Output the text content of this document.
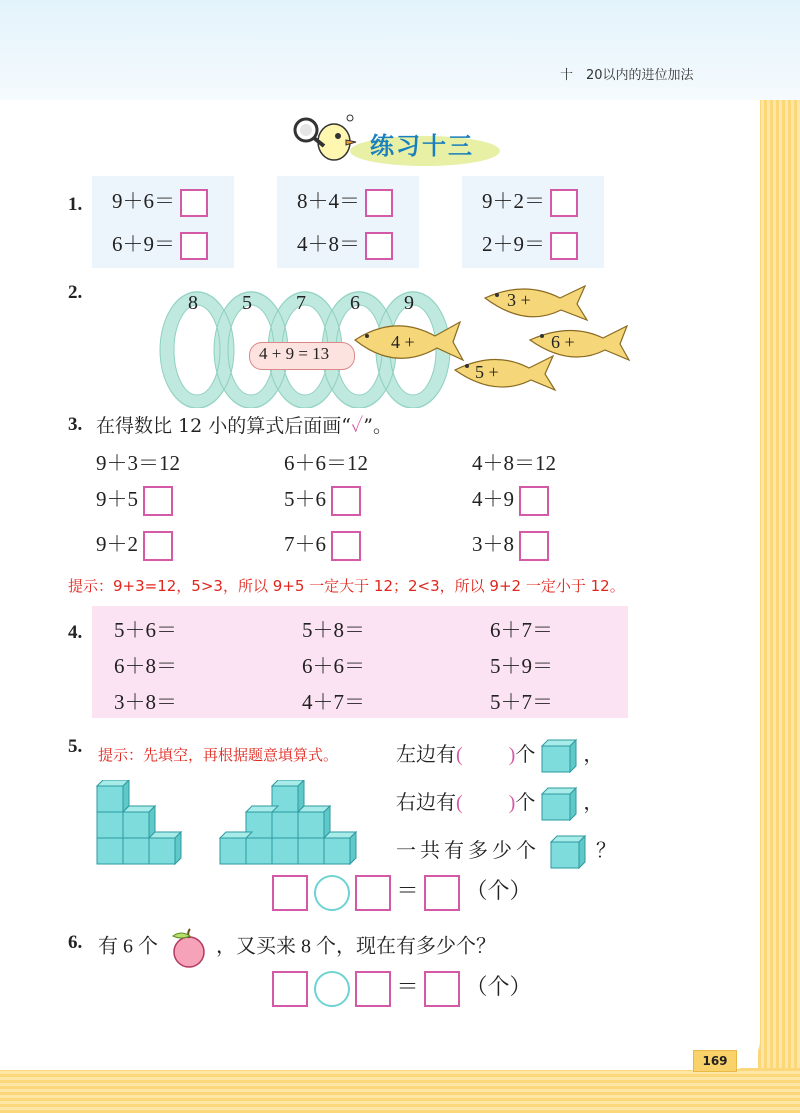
十　20以内的进位加法
练习十三
1. 9＋6＝	8＋4＝	9＋2＝
6＋9＝	4＋8＝	2＋9＝
2.	8 5 7 6 9
4 + 9 = 13
4 +
3 +
6 +
5 +
3. 在得数比 12 小的算式后面画“✓”。
9＋3＝12	6＋6＝12	4＋8＝12
9＋5	5＋6	4＋9
9＋2	7＋6	3＋8
提示：9+3=12，5>3，所以 9+5 一定大于 12；2<3，所以 9+2 一定小于 12。
4. 5＋6＝	5＋8＝	6＋7＝
6＋8＝	6＋6＝	5＋9＝
3＋8＝	4＋7＝	5＋7＝
5. 提示：先填空，再根据题意填算式。	左边有( )个 ，
右边有( )个 ，
一共有多少个	？
＝ （个）
6. 有 6 个	，又买来 8 个，现在有多少个？
＝ （个）
169
